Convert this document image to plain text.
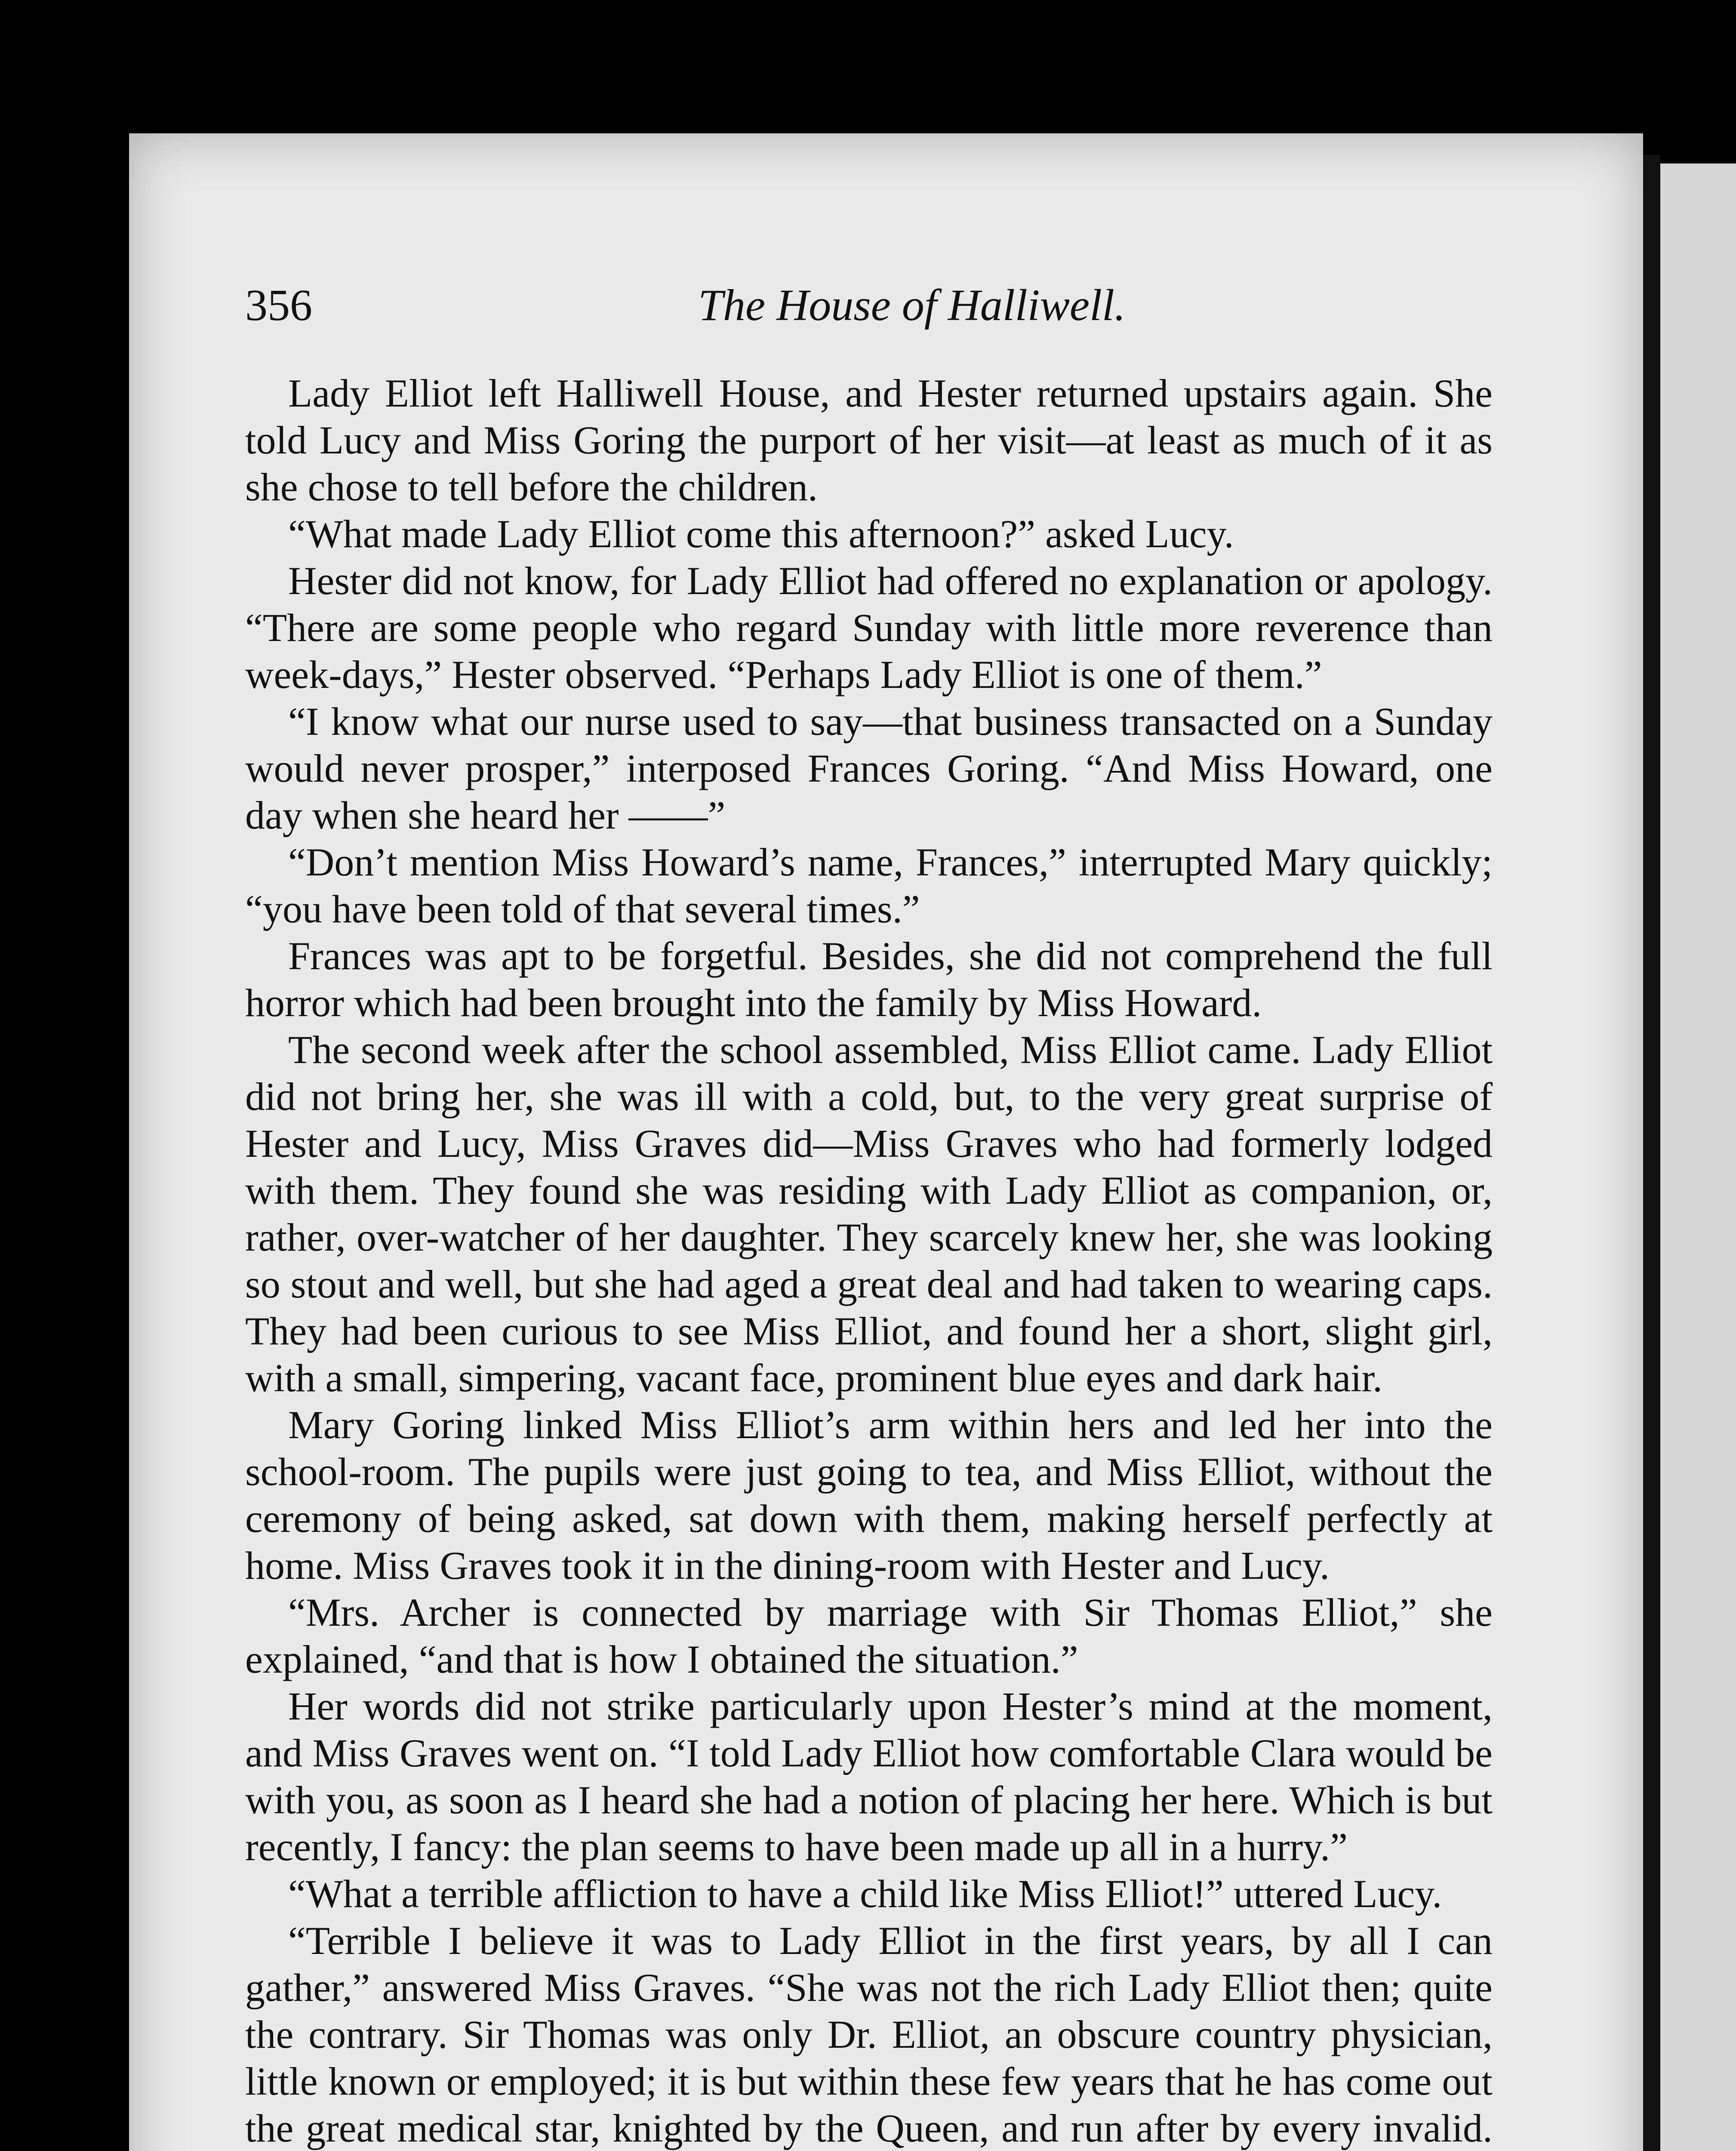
356	The House of Halliwell.

Lady Elliot left Halliwell House, and Hester returned upstairs again. She told Lucy and Miss Goring the purport of her visit—at least as much of it as she chose to tell before the children.

“What made Lady Elliot come this afternoon?” asked Lucy.

Hester did not know, for Lady Elliot had offered no explanation or apology. “There are some people who regard Sunday with little more reverence than week-days,” Hester observed. “Perhaps Lady Elliot is one of them.”

“I know what our nurse used to say—that business transacted on a Sunday would never prosper,” interposed Frances Goring. “And Miss Howard, one day when she heard her ——”

“Don’t mention Miss Howard’s name, Frances,” interrupted Mary quickly; “you have been told of that several times.”

Frances was apt to be forgetful. Besides, she did not comprehend the full horror which had been brought into the family by Miss Howard.

The second week after the school assembled, Miss Elliot came. Lady Elliot did not bring her, she was ill with a cold, but, to the very great surprise of Hester and Lucy, Miss Graves did—Miss Graves who had formerly lodged with them. They found she was residing with Lady Elliot as companion, or, rather, over-watcher of her daughter. They scarcely knew her, she was looking so stout and well, but she had aged a great deal and had taken to wearing caps. They had been curious to see Miss Elliot, and found her a short, slight girl, with a small, simpering, vacant face, prominent blue eyes and dark hair.

Mary Goring linked Miss Elliot’s arm within hers and led her into the school-room. The pupils were just going to tea, and Miss Elliot, without the ceremony of being asked, sat down with them, making herself perfectly at home. Miss Graves took it in the dining-room with Hester and Lucy.

“Mrs. Archer is connected by marriage with Sir Thomas Elliot,” she explained, “and that is how I obtained the situation.”

Her words did not strike particularly upon Hester’s mind at the moment, and Miss Graves went on. “I told Lady Elliot how comfortable Clara would be with you, as soon as I heard she had a notion of placing her here. Which is but recently, I fancy: the plan seems to have been made up all in a hurry.”

“What a terrible affliction to have a child like Miss Elliot!” uttered Lucy.

“Terrible I believe it was to Lady Elliot in the first years, by all I can gather,” answered Miss Graves. “She was not the rich Lady Elliot then; quite the contrary. Sir Thomas was only Dr. Elliot, an obscure country physician, little known or employed; it is but within these few years that he has come out the great medical star, knighted by the Queen, and run after by every invalid.
